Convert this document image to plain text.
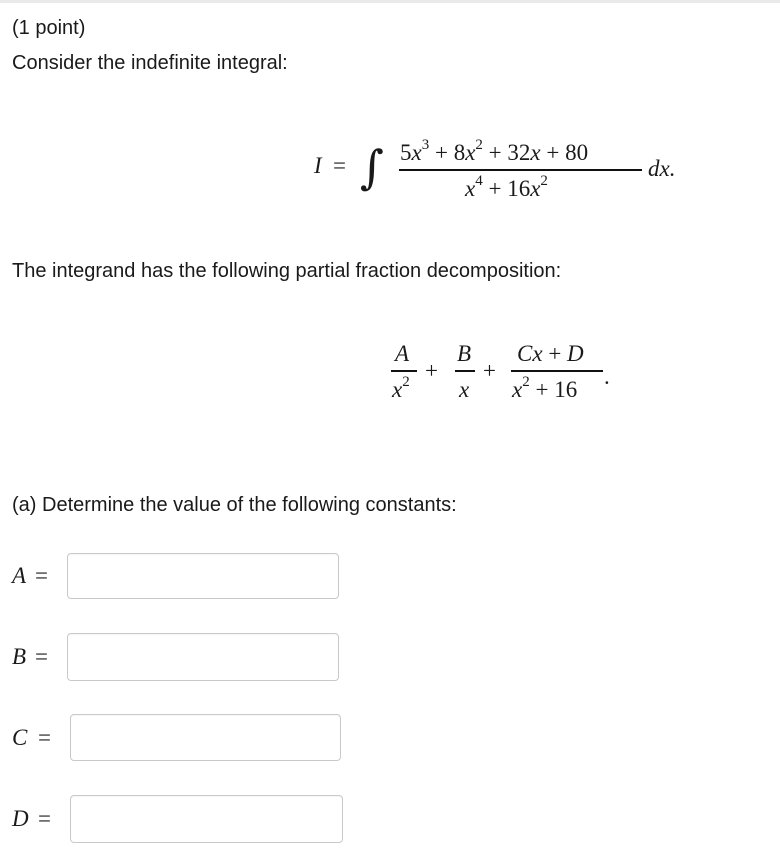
(1 point)
Consider the indefinite integral:
I = ∫ $5x^3 + 8x^2 + 32x + 80$
$x^4 + 16x^2$
dx.
The integrand has the following partial fraction decomposition:
A
$x^2$ +
B
x
+
Cx + D
$x^2 + 16$
.
(a) Determine the value of the following constants:
A =
B =
C =
D =
